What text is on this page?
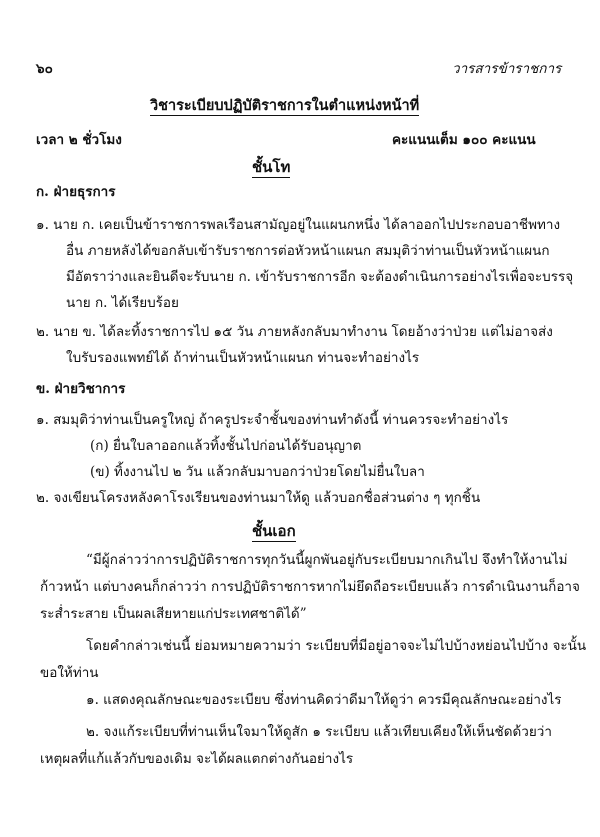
๖๐	วารสารข้าราชการ
วิชาระเบียบปฏิบัติราชการในตำแหน่งหน้าที่
เวลา ๒ ชั่วโมง	คะแนนเต็ม ๑๐๐ คะแนน
ชั้นโท
ก. ฝ่ายธุรการ
๑. นาย ก. เคยเป็นข้าราชการพลเรือนสามัญอยู่ในแผนกหนึ่ง ได้ลาออกไปประกอบอาชีพทาง
อื่น ภายหลังได้ขอกลับเข้ารับราชการต่อหัวหน้าแผนก สมมุติว่าท่านเป็นหัวหน้าแผนก
มีอัตราว่างและยินดีจะรับนาย ก. เข้ารับราชการอีก จะต้องดำเนินการอย่างไรเพื่อจะบรรจุ
นาย ก. ได้เรียบร้อย
๒. นาย ข. ได้ละทิ้งราชการไป ๑๕ วัน ภายหลังกลับมาทำงาน โดยอ้างว่าป่วย แต่ไม่อาจส่ง
ใบรับรองแพทย์ได้ ถ้าท่านเป็นหัวหน้าแผนก ท่านจะทำอย่างไร
ข. ฝ่ายวิชาการ
๑. สมมุติว่าท่านเป็นครูใหญ่ ถ้าครูประจำชั้นของท่านทำดังนี้ ท่านควรจะทำอย่างไร
(ก) ยื่นใบลาออกแล้วทิ้งชั้นไปก่อนได้รับอนุญาต
(ข) ทิ้งงานไป ๒ วัน แล้วกลับมาบอกว่าป่วยโดยไม่ยื่นใบลา
๒. จงเขียนโครงหลังคาโรงเรียนของท่านมาให้ดู แล้วบอกชื่อส่วนต่าง ๆ ทุกชิ้น
ชั้นเอก
“มีผู้กล่าวว่าการปฏิบัติราชการทุกวันนี้ผูกพันอยู่กับระเบียบมากเกินไป จึงทำให้งานไม่
ก้าวหน้า แต่บางคนก็กล่าวว่า การปฏิบัติราชการหากไม่ยึดถือระเบียบแล้ว การดำเนินงานก็อาจ
ระส่ำระสาย เป็นผลเสียหายแก่ประเทศชาติได้”
โดยคำกล่าวเช่นนี้ ย่อมหมายความว่า ระเบียบที่มีอยู่อาจจะไม่ไปบ้างหย่อนไปบ้าง จะนั้น
ขอให้ท่าน
๑. แสดงคุณลักษณะของระเบียบ ซึ่งท่านคิดว่าดีมาให้ดูว่า ควรมีคุณลักษณะอย่างไร
๒. จงแก้ระเบียบที่ท่านเห็นใจมาให้ดูสัก ๑ ระเบียบ แล้วเทียบเคียงให้เห็นชัดด้วยว่า
เหตุผลที่แก้แล้วกับของเดิม จะได้ผลแตกต่างกันอย่างไร
